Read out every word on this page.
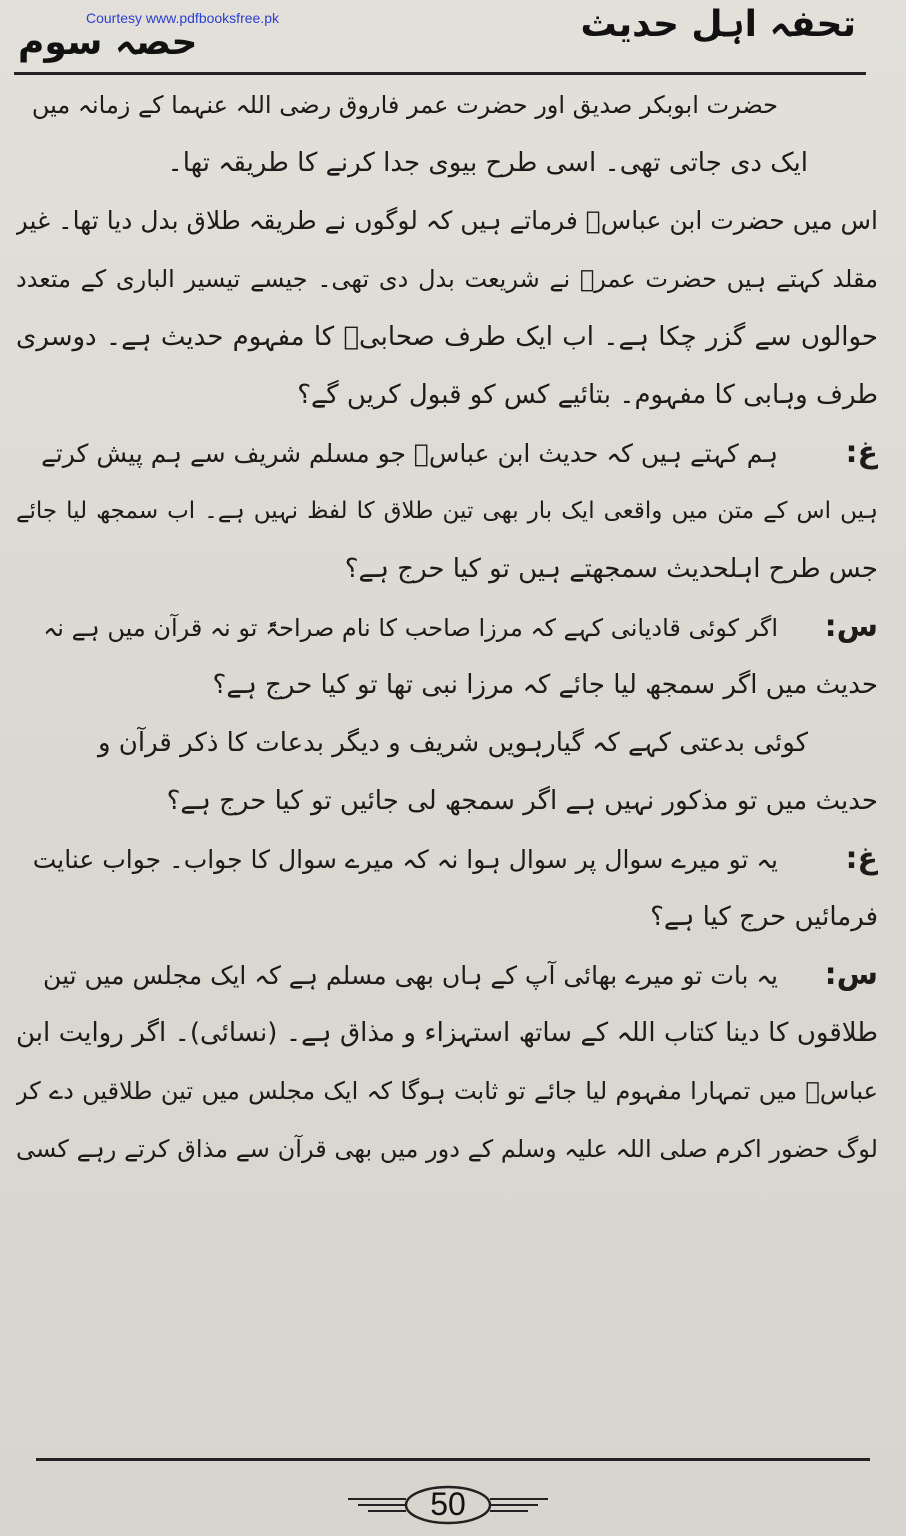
Courtesy www.pdfbooksfree.pk	تحفہ اہل حدیث
حصہ سوم
حضرت ابوبکر صدیق اور حضرت عمر فاروق رضی اللہ عنہما کے زمانہ میں
ایک دی جاتی تھی۔ اسی طرح بیوی جدا کرنے کا طریقہ تھا۔
اس میں حضرت ابن عباسؓ فرماتے ہیں کہ لوگوں نے طریقہ طلاق بدل دیا تھا۔ غیر
مقلد کہتے ہیں حضرت عمرؓ نے شریعت بدل دی تھی۔ جیسے تیسیر الباری کے متعدد
حوالوں سے گزر چکا ہے۔ اب ایک طرف صحابیؓ کا مفہوم حدیث ہے۔ دوسری
طرف وہابی کا مفہوم۔ بتائیے کس کو قبول کریں گے؟
غ:ہم کہتے ہیں کہ حدیث ابن عباسؓ جو مسلم شریف سے ہم پیش کرتے
ہیں اس کے متن میں واقعی ایک بار بھی تین طلاق کا لفظ نہیں ہے۔ اب سمجھ لیا جائے
جس طرح اہلحدیث سمجھتے ہیں تو کیا حرج ہے؟
س:اگر کوئی قادیانی کہے کہ مرزا صاحب کا نام صراحۃً تو نہ قرآن میں ہے نہ
حدیث میں اگر سمجھ لیا جائے کہ مرزا نبی تھا تو کیا حرج ہے؟
کوئی بدعتی کہے کہ گیارہویں شریف و دیگر بدعات کا ذکر قرآن و
حدیث میں تو مذکور نہیں ہے اگر سمجھ لی جائیں تو کیا حرج ہے؟
غ:یہ تو میرے سوال پر سوال ہوا نہ کہ میرے سوال کا جواب۔ جواب عنایت
فرمائیں حرج کیا ہے؟
س:یہ بات تو میرے بھائی آپ کے ہاں بھی مسلم ہے کہ ایک مجلس میں تین
طلاقوں کا دینا کتاب اللہ کے ساتھ استہزاء و مذاق ہے۔ (نسائی)۔ اگر روایت ابن
عباسؓ میں تمہارا مفہوم لیا جائے تو ثابت ہوگا کہ ایک مجلس میں تین طلاقیں دے کر
لوگ حضور اکرم صلی اللہ علیہ وسلم کے دور میں بھی قرآن سے مذاق کرتے رہے کسی
50
